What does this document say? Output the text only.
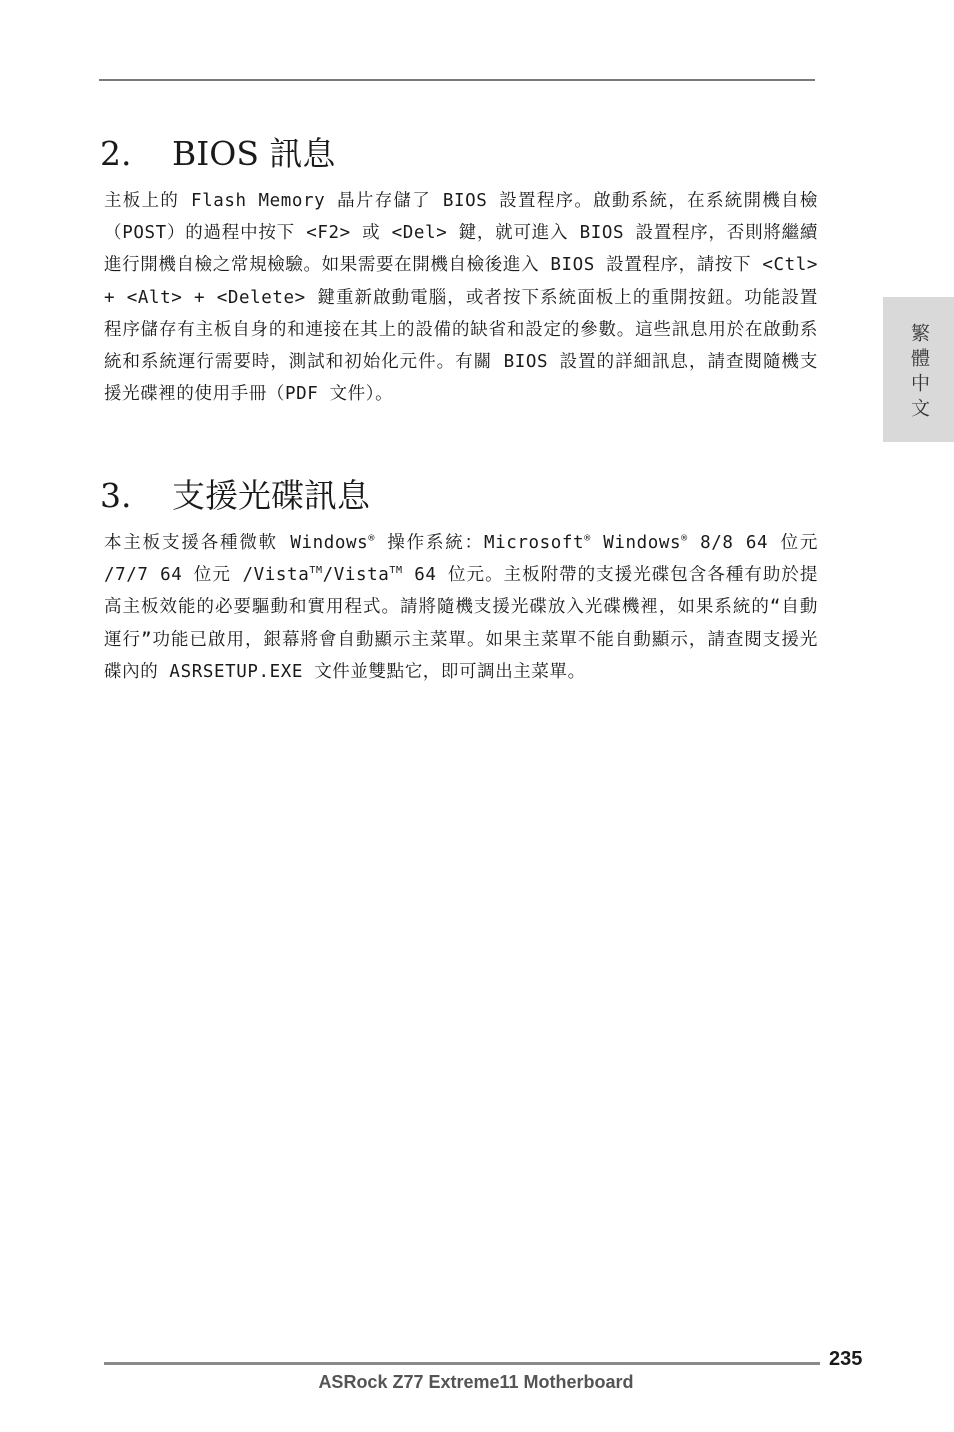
2. BIOS 訊息

主板上的 Flash Memory 晶片存儲了 BIOS 設置程序。啟動系統，在系統開機自檢（POST）的過程中按下 <F2> 或 <Del> 鍵，就可進入 BIOS 設置程序，否則將繼續進行開機自檢之常規檢驗。如果需要在開機自檢後進入 BIOS 設置程序，請按下 <Ctl> + <Alt> + <Delete> 鍵重新啟動電腦，或者按下系統面板上的重開按鈕。功能設置程序儲存有主板自身的和連接在其上的設備的缺省和設定的參數。這些訊息用於在啟動系統和系統運行需要時，測試和初始化元件。有關 BIOS 設置的詳細訊息，請查閱隨機支援光碟裡的使用手冊（PDF 文件）。

3. 支援光碟訊息

本主板支援各種微軟 Windows® 操作系統：Microsoft® Windows® 8/8 64 位元 /7/7 64 位元 /Vista™/Vista™ 64 位元。主板附帶的支援光碟包含各種有助於提高主板效能的必要驅動和實用程式。請將隨機支援光碟放入光碟機裡，如果系統的“自動運行”功能已啟用，銀幕將會自動顯示主菜單。如果主菜單不能自動顯示，請查閱支援光碟內的 ASRSETUP.EXE 文件並雙點它，即可調出主菜單。

繁體中文
235
ASRock Z77 Extreme11 Motherboard
